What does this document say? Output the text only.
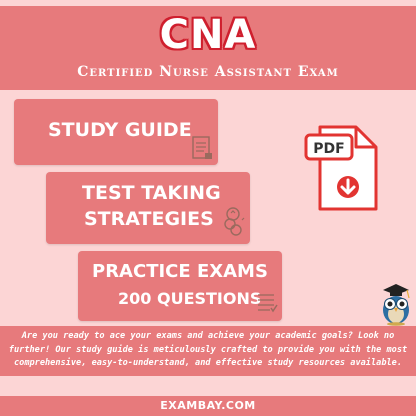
CNA
Certified Nurse Assistant Exam
STUDY GUIDE
TEST TAKING
STRATEGIES
PRACTICE EXAMS
200 QUESTIONS
PDF
Are you ready to ace your exams and achieve your academic goals? Look no
further! Our study guide is meticulously crafted to provide you with the most
comprehensive, easy-to-understand, and effective study resources available.
EXAMBAY.COM
